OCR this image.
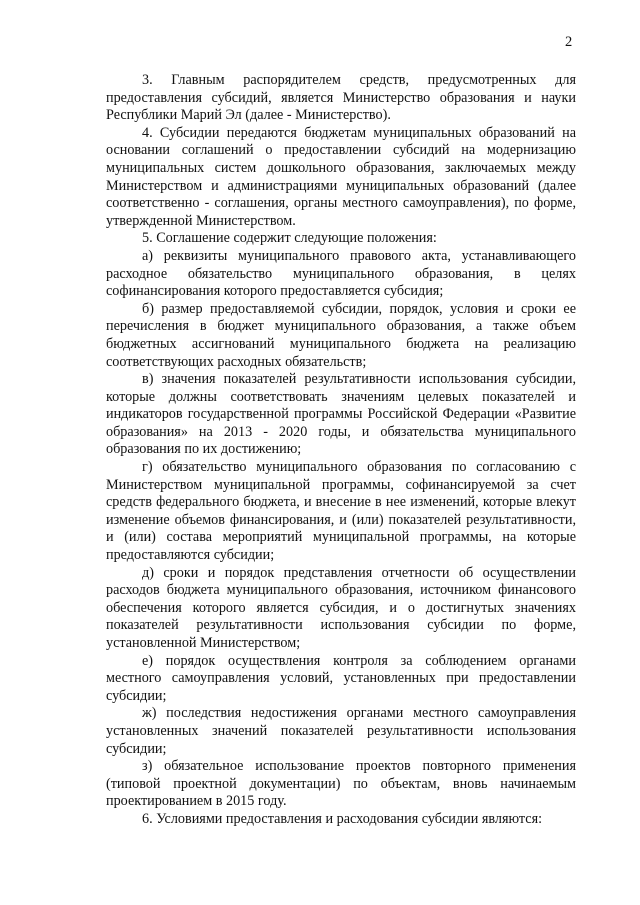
2

3. Главным распорядителем средств, предусмотренных для предоставления субсидий, является Министерство образования и науки Республики Марий Эл (далее - Министерство).

4. Субсидии передаются бюджетам муниципальных образований на основании соглашений о предоставлении субсидий на модернизацию муниципальных систем дошкольного образования, заключаемых между Министерством и администрациями муниципальных образований (далее соответственно - соглашения, органы местного самоуправления), по форме, утвержденной Министерством.

5. Соглашение содержит следующие положения:

а) реквизиты муниципального правового акта, устанавливающего расходное обязательство муниципального образования, в целях софинансирования которого предоставляется субсидия;

б) размер предоставляемой субсидии, порядок, условия и сроки ее перечисления в бюджет муниципального образования, а также объем бюджетных ассигнований муниципального бюджета на реализацию соответствующих расходных обязательств;

в) значения показателей результативности использования субсидии, которые должны соответствовать значениям целевых показателей и индикаторов государственной программы Российской Федерации «Развитие образования» на 2013 - 2020 годы, и обязательства муниципального образования по их достижению;

г) обязательство муниципального образования по согласованию с Министерством муниципальной программы, софинансируемой за счет средств федерального бюджета, и внесение в нее изменений, которые влекут изменение объемов финансирования, и (или) показателей результативности, и (или) состава мероприятий муниципальной программы, на которые предоставляются субсидии;

д) сроки и порядок представления отчетности об осуществлении расходов бюджета муниципального образования, источником финансового обеспечения которого является субсидия, и о достигнутых значениях показателей результативности использования субсидии по форме, установленной Министерством;

е) порядок осуществления контроля за соблюдением органами местного самоуправления условий, установленных при предоставлении субсидии;

ж) последствия недостижения органами местного самоуправления установленных значений показателей результативности использования субсидии;

з) обязательное использование проектов повторного применения (типовой проектной документации) по объектам, вновь начинаемым проектированием в 2015 году.

6. Условиями предоставления и расходования субсидии являются:
